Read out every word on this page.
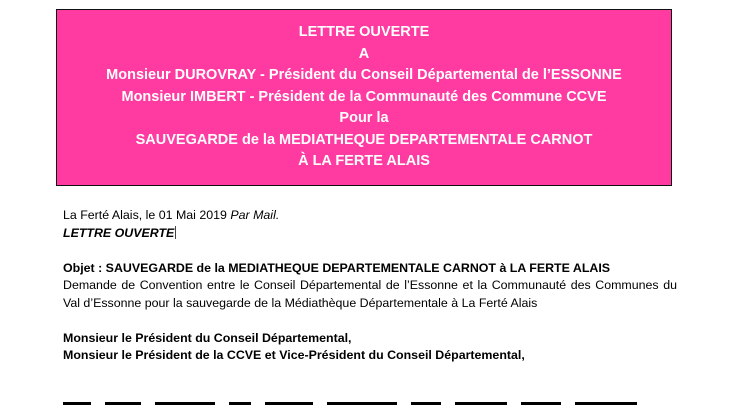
LETTRE OUVERTE
A
Monsieur DUROVRAY - Président du Conseil Départemental de l’ESSONNE
Monsieur IMBERT - Président de la Communauté des Commune CCVE
Pour la
SAUVEGARDE de la MEDIATHEQUE DEPARTEMENTALE CARNOT
À LA FERTE ALAIS

La Ferté Alais, le 01 Mai 2019 Par Mail.

LETTRE OUVERTE

Objet : SAUVEGARDE de la MEDIATHEQUE DEPARTEMENTALE CARNOT à LA FERTE ALAIS

Demande de Convention entre le Conseil Départemental de l’Essonne et la Communauté des Communes du Val d’Essonne pour la sauvegarde de la Médiathèque Départementale à La Ferté Alais

Monsieur le Président du Conseil Départemental,

Monsieur le Président de la CCVE et Vice-Président du Conseil Départemental,
